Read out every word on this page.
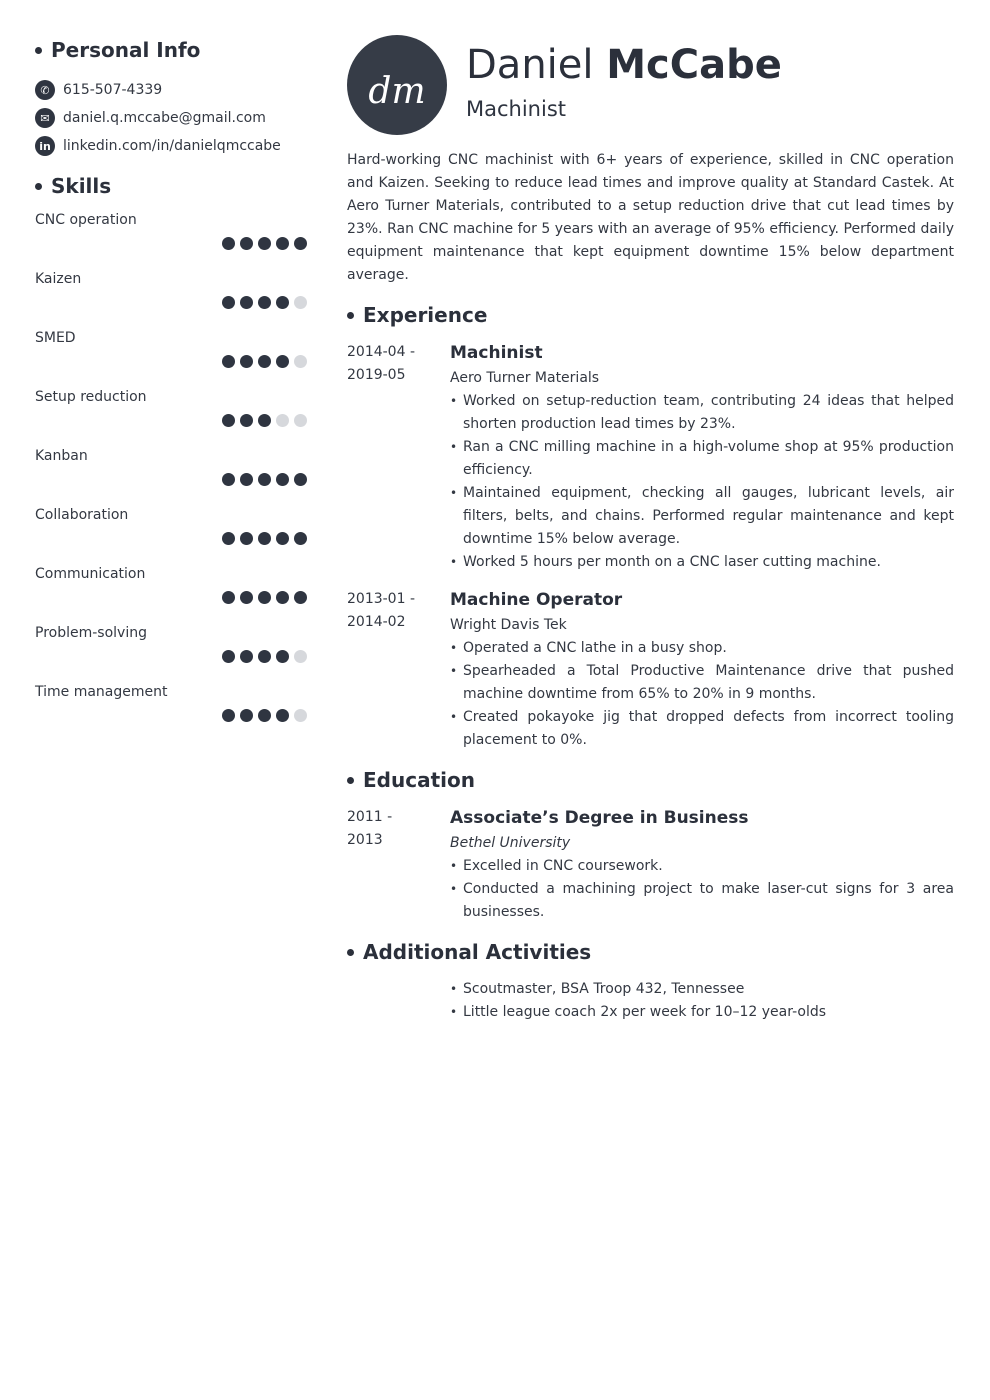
Personal Info
✆ 615-507-4339
✉ daniel.q.mccabe@gmail.com
in linkedin.com/in/danielqmccabe
Skills
CNC operation
Kaizen
SMED
Setup reduction
Kanban
Collaboration
Communication
Problem-solving
Time management
dm
Daniel McCabe
Machinist
Hard-working CNC machinist with 6+ years of experience, skilled in CNC operation and Kaizen. Seeking to reduce lead times and improve quality at Standard Castek. At Aero Turner Materials, contributed to a setup reduction drive that cut lead times by 23%. Ran CNC machine for 5 years with an average of 95% efficiency. Performed daily equipment maintenance that kept equipment downtime 15% below department average.
Experience
2014-04 -
2019-05
Machinist
Aero Turner Materials
• Worked on setup-reduction team, contributing 24 ideas that helped shorten production lead times by 23%.
• Ran a CNC milling machine in a high-volume shop at 95% production efficiency.
• Maintained equipment, checking all gauges, lubricant levels, air filters, belts, and chains. Performed regular maintenance and kept downtime 15% below average.
• Worked 5 hours per month on a CNC laser cutting machine.
2013-01 -
2014-02
Machine Operator
Wright Davis Tek
• Operated a CNC lathe in a busy shop.
• Spearheaded a Total Productive Maintenance drive that pushed machine downtime from 65% to 20% in 9 months.
• Created pokayoke jig that dropped defects from incorrect tooling placement to 0%.
Education
2011 -
2013
Associate’s Degree in Business
Bethel University
• Excelled in CNC coursework.
• Conducted a machining project to make laser-cut signs for 3 area businesses.
Additional Activities
• Scoutmaster, BSA Troop 432, Tennessee
• Little league coach 2x per week for 10–12 year-olds
